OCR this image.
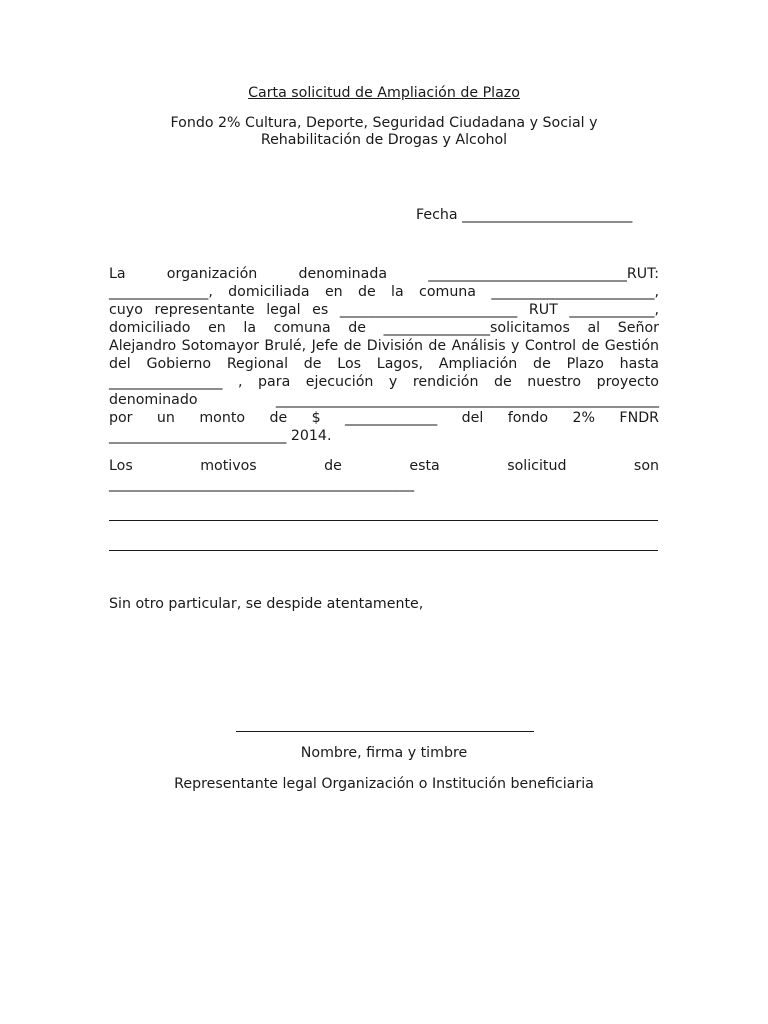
Carta solicitud de Ampliación de Plazo
Fondo 2% Cultura, Deporte, Seguridad Ciudadana y Social y Rehabilitación de Drogas y Alcohol
Fecha ________________________
La organización denominada ____________________________RUT:
______________, domiciliada en de la comuna _______________________,
cuyo representante legal es _________________________ RUT ____________,
domiciliado en la comuna de _______________solicitamos al Señor
Alejandro Sotomayor Brulé, Jefe de División de Análisis y Control de Gestión
del Gobierno Regional de Los Lagos, Ampliación de Plazo hasta
________________ , para ejecución y rendición de nuestro proyecto
denominado ______________________________________________________
por un monto de $ _____________ del fondo 2% FNDR
_________________________ 2014.
Los motivos de esta solicitud son
___________________________________________
Sin otro particular, se despide atentamente,
Nombre, firma y timbre
Representante legal Organización o Institución beneficiaria
